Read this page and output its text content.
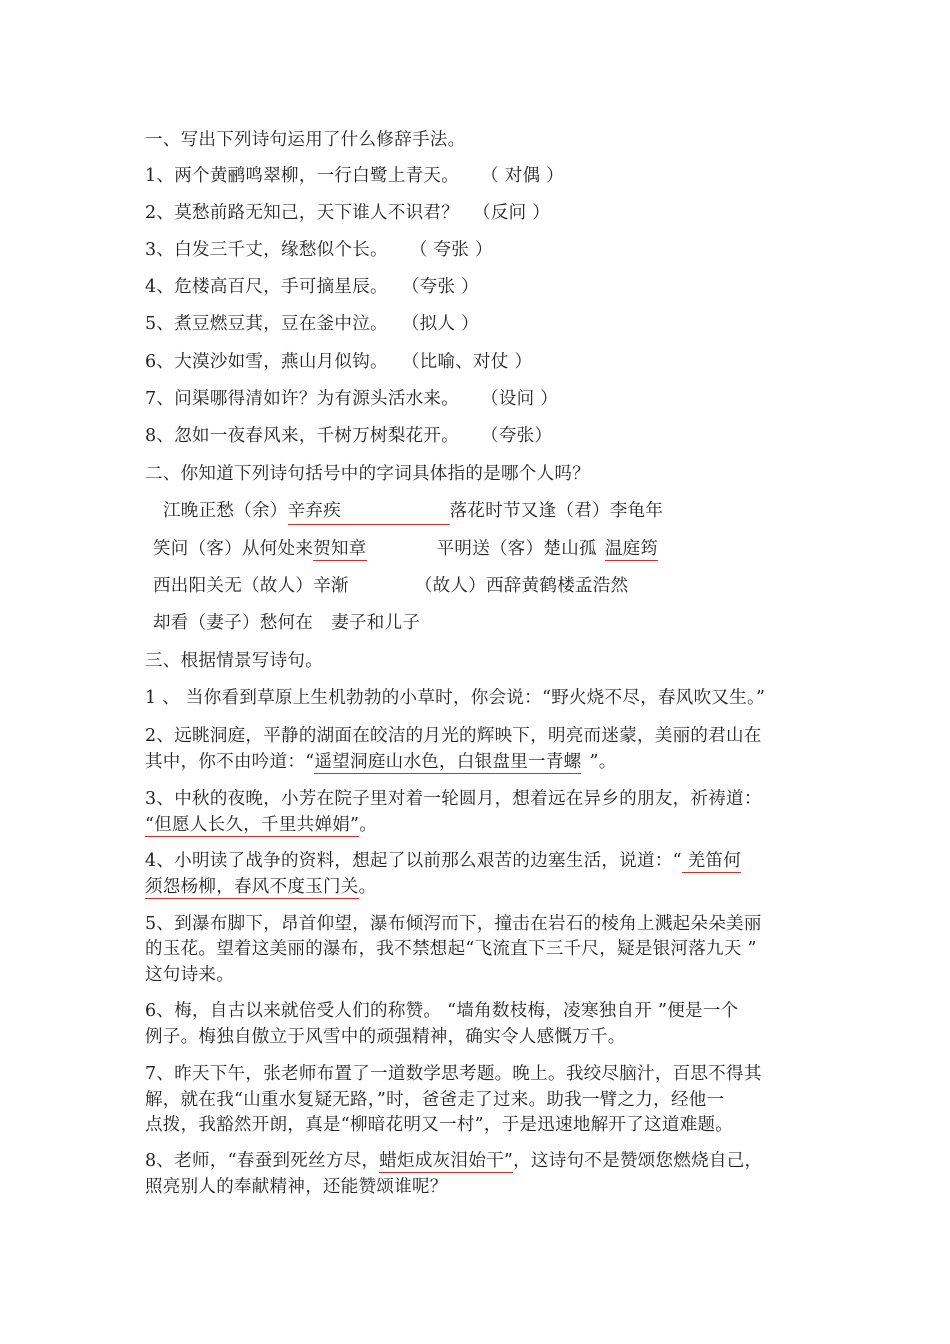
一、写出下列诗句运用了什么修辞手法。
1、两个黄鹂鸣翠柳，一行白鹭上青天。 （ 对偶 ）
2、莫愁前路无知己，天下谁人不识君？ （反问 ）
3、白发三千丈，缘愁似个长。 （ 夸张 ）
4、危楼高百尺，手可摘星辰。 （夸张 ）
5、煮豆燃豆萁，豆在釜中泣。 （拟人 ）
6、大漠沙如雪，燕山月似钩。 （比喻、对仗 ）
7、问渠哪得清如许？为有源头活水来。 （设问 ）
8、忽如一夜春风来，千树万树梨花开。 （夸张）
二、你知道下列诗句括号中的字词具体指的是哪个人吗？
江晚正愁（余）辛弃疾	落花时节又逢（君）李龟年
笑问（客）从何处来贺知章	平明送（客）楚山孤 温庭筠
西出阳关无（故人）辛渐	（故人）西辞黄鹤楼孟浩然
却看（妻子）愁何在 妻子和儿子
三、根据情景写诗句。
1 、 当你看到草原上生机勃勃的小草时，你会说：“野火烧不尽，春风吹又生。”
2、远眺洞庭，平静的湖面在皎洁的月光的辉映下，明亮而迷蒙，美丽的君山在
其中，你不由吟道：“遥望洞庭山水色，白银盘里一青螺 ”。
3、中秋的夜晚，小芳在院子里对着一轮圆月，想着远在异乡的朋友，祈祷道：
“但愿人长久，千里共婵娟”。
4、小明读了战争的资料，想起了以前那么艰苦的边塞生活，说道：“ 羌笛何
须怨杨柳，春风不度玉门关。
5、到瀑布脚下，昂首仰望，瀑布倾泻而下，撞击在岩石的棱角上溅起朵朵美丽
的玉花。望着这美丽的瀑布，我不禁想起“飞流直下三千尺，疑是银河落九天 ”
这句诗来。
6、梅，自古以来就倍受人们的称赞。 “墙角数枝梅，凌寒独自开 ”便是一个
例子。梅独自傲立于风雪中的顽强精神，确实令人感慨万千。
7、昨天下午，张老师布置了一道数学思考题。晚上。我绞尽脑汁，百思不得其
解，就在我“山重水复疑无路，”时，爸爸走了过来。助我一臂之力，经他一
点拨，我豁然开朗，真是“柳暗花明又一村”，于是迅速地解开了这道难题。
8、老师，“春蚕到死丝方尽，蜡炬成灰泪始干”，这诗句不是赞颂您燃烧自己，
照亮别人的奉献精神，还能赞颂谁呢？
